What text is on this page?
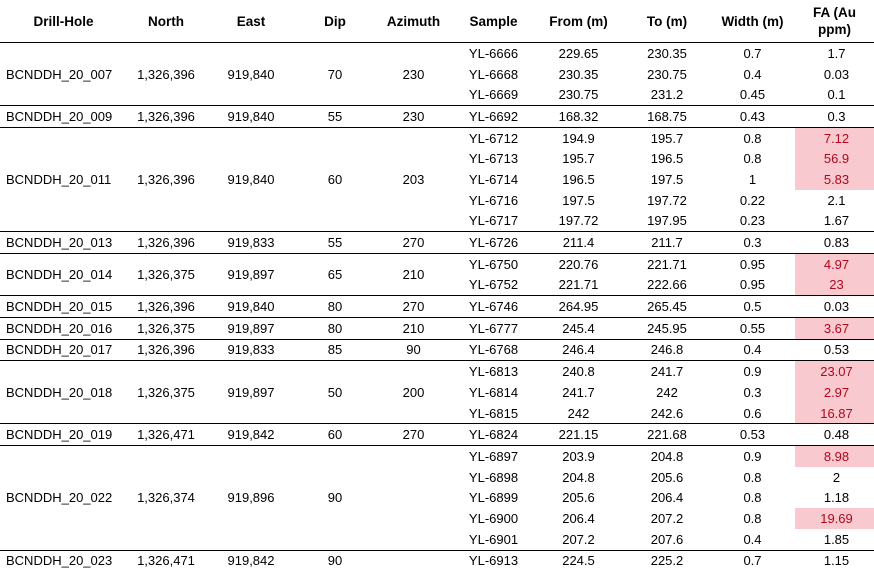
Drill-Hole	North	East	Dip	Azimuth	Sample	From (m)	To (m)	Width (m)	FA (Au ppm)
BCNDDH_20_007	1,326,396	919,840	70	230	YL-6666	229.65	230.35	0.7	1.7
					YL-6668	230.35	230.75	0.4	0.03
					YL-6669	230.75	231.2	0.45	0.1
BCNDDH_20_009	1,326,396	919,840	55	230	YL-6692	168.32	168.75	0.43	0.3
BCNDDH_20_011	1,326,396	919,840	60	203	YL-6712	194.9	195.7	0.8	7.12
					YL-6713	195.7	196.5	0.8	56.9
					YL-6714	196.5	197.5	1	5.83
					YL-6716	197.5	197.72	0.22	2.1
					YL-6717	197.72	197.95	0.23	1.67
BCNDDH_20_013	1,326,396	919,833	55	270	YL-6726	211.4	211.7	0.3	0.83
BCNDDH_20_014	1,326,375	919,897	65	210	YL-6750	220.76	221.71	0.95	4.97
					YL-6752	221.71	222.66	0.95	23
BCNDDH_20_015	1,326,396	919,840	80	270	YL-6746	264.95	265.45	0.5	0.03
BCNDDH_20_016	1,326,375	919,897	80	210	YL-6777	245.4	245.95	0.55	3.67
BCNDDH_20_017	1,326,396	919,833	85	90	YL-6768	246.4	246.8	0.4	0.53
BCNDDH_20_018	1,326,375	919,897	50	200	YL-6813	240.8	241.7	0.9	23.07
					YL-6814	241.7	242	0.3	2.97
					YL-6815	242	242.6	0.6	16.87
BCNDDH_20_019	1,326,471	919,842	60	270	YL-6824	221.15	221.68	0.53	0.48
BCNDDH_20_022	1,326,374	919,896	90		YL-6897	203.9	204.8	0.9	8.98
					YL-6898	204.8	205.6	0.8	2
					YL-6899	205.6	206.4	0.8	1.18
					YL-6900	206.4	207.2	0.8	19.69
					YL-6901	207.2	207.6	0.4	1.85
BCNDDH_20_023	1,326,471	919,842	90		YL-6913	224.5	225.2	0.7	1.15
